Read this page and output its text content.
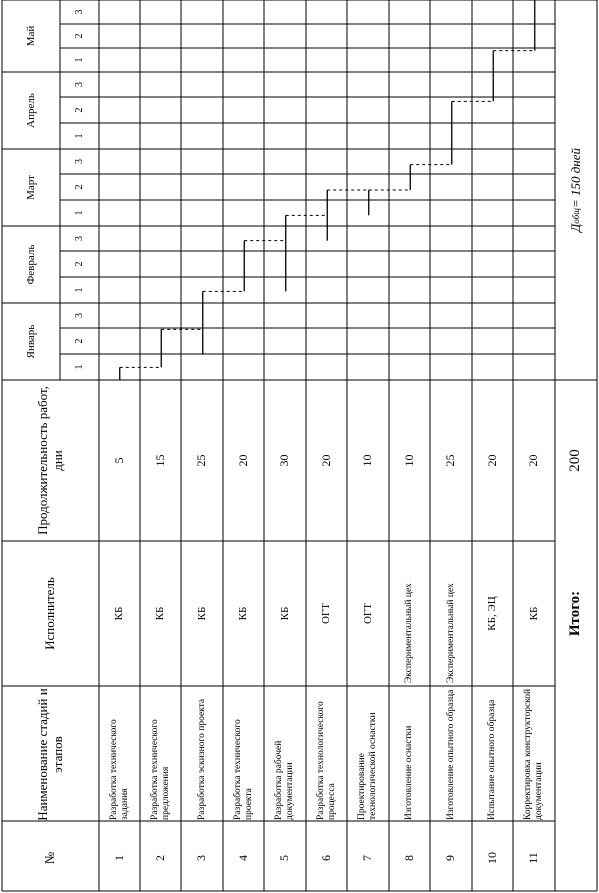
№
Наименование стадий и этапов
Исполнитель
Продолжительность работ, дни
Январь
Февраль
Март
Апрель
Май
1
2
3
1
2
3
1
2
3
1
2
3
1
2
3
1
Разработка технического задания
КБ
5
2
Разработка технического предложения
КБ
15
3
Разработка эскизного проекта
КБ
25
4
Разработка технического проекта
КБ
20
5
Разработка рабочей документации
КБ
30
6
Разработка технологического процесса
ОГТ
20
7
Проектирование технологической оснастки
ОГТ
10
8
Изготовление оснастки
Экспериментальный цех
10
9
Изготовление опытного образца
Экспериментальный цех
25
10
Испытание опытного образца
КБ, ЭЦ
20
11
Корректировка конструкторской документации
КБ
20
Итого:
200
Д
общ
= 150 дней
